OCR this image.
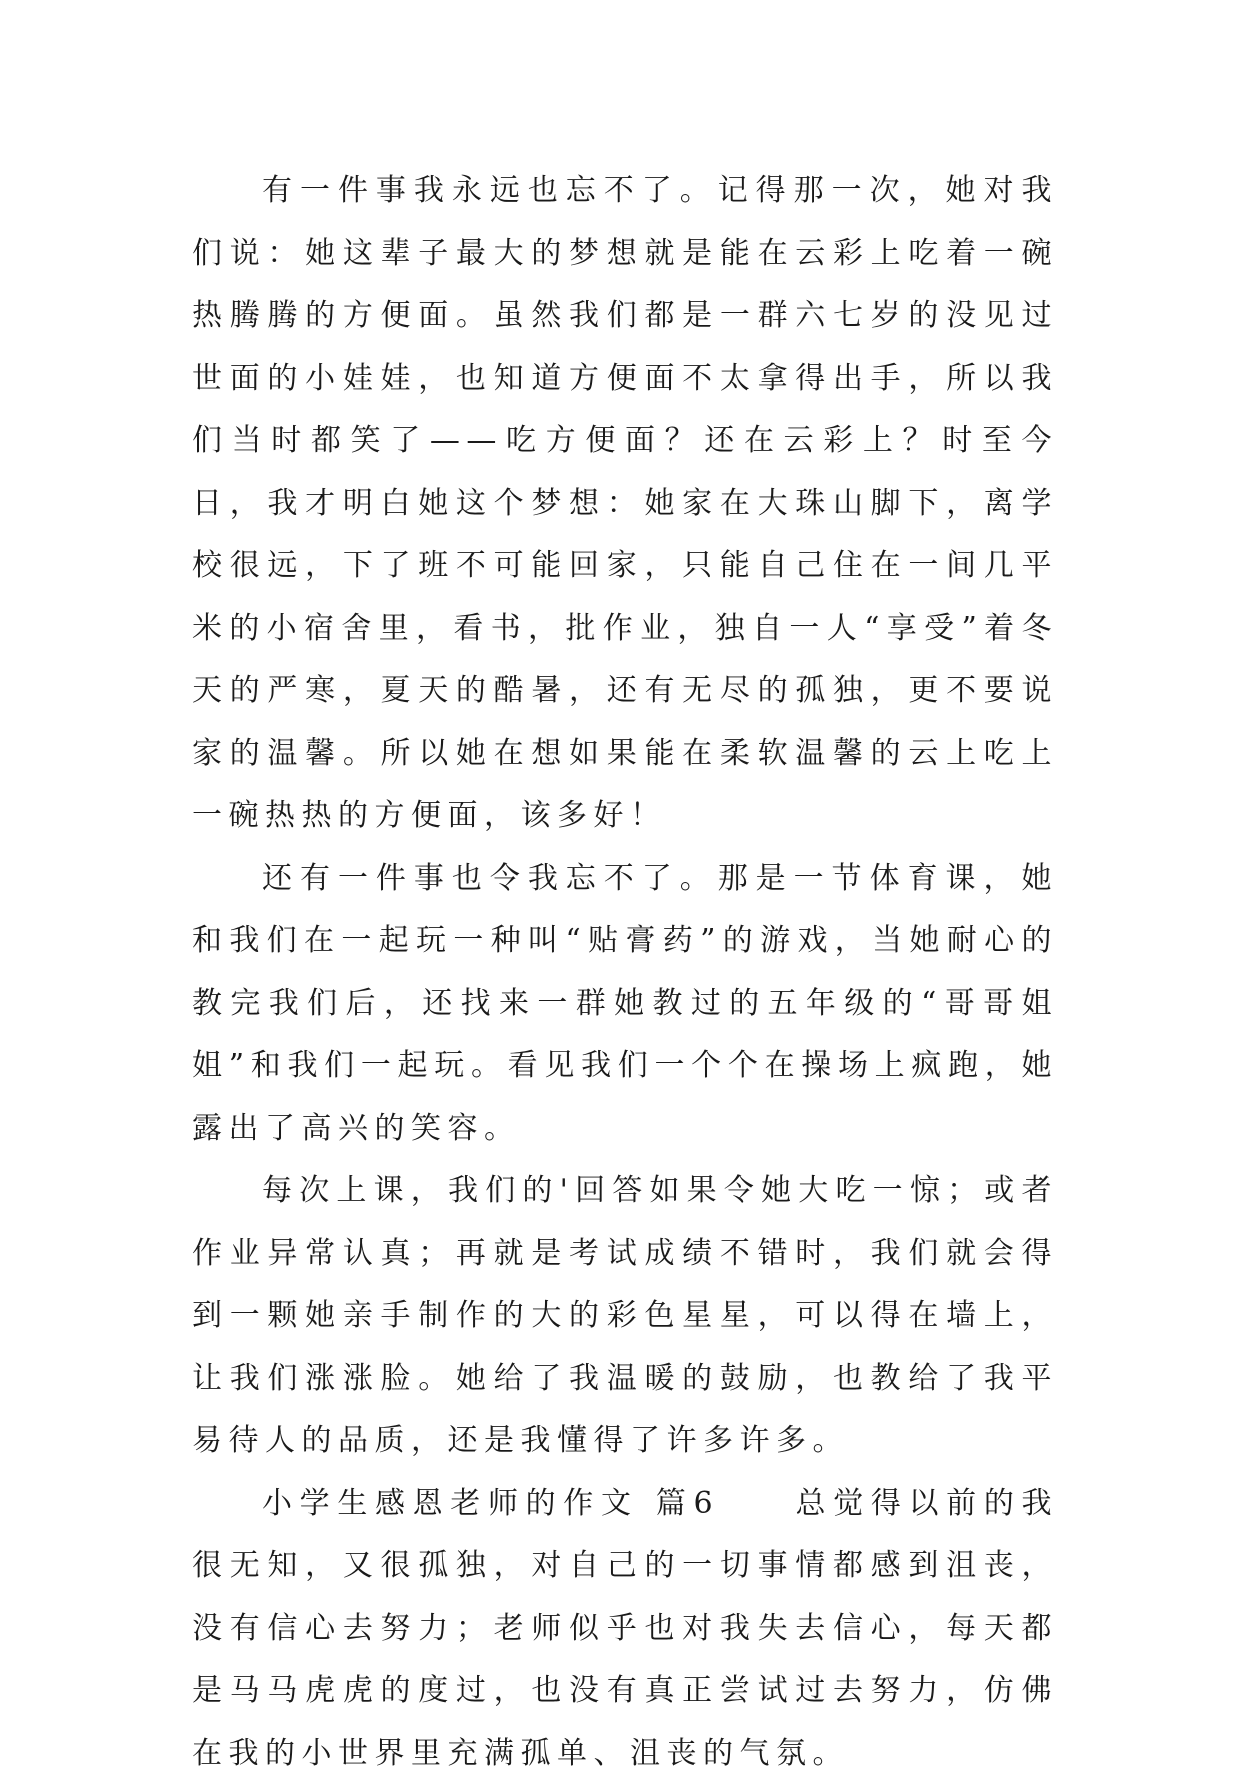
有一件事我永远也忘不了。记得那一次，她对我们说：她这辈子最大的梦想就是能在云彩上吃着一碗热腾腾的方便面。虽然我们都是一群六七岁的没见过世面的小娃娃，也知道方便面不太拿得出手，所以我们当时都笑了——吃方便面？还在云彩上？时至今日，我才明白她这个梦想：她家在大珠山脚下，离学校很远，下了班不可能回家，只能自己住在一间几平米的小宿舍里，看书，批作业，独自一人“享受”着冬天的严寒，夏天的酷暑，还有无尽的孤独，更不要说家的温馨。所以她在想如果能在柔软温馨的云上吃上一碗热热的方便面，该多好！

还有一件事也令我忘不了。那是一节体育课，她和我们在一起玩一种叫“贴膏药”的游戏，当她耐心的教完我们后，还找来一群她教过的五年级的“哥哥姐姐”和我们一起玩。看见我们一个个在操场上疯跑，她露出了高兴的笑容。

每次上课，我们的'回答如果令她大吃一惊；或者作业异常认真；再就是考试成绩不错时，我们就会得到一颗她亲手制作的大的彩色星星，可以得在墙上，让我们涨涨脸。她给了我温暖的鼓励，也教给了我平易待人的品质，还是我懂得了许多许多。

小学生感恩老师的作文 篇6　　总觉得以前的我很无知，又很孤独，对自己的一切事情都感到沮丧，没有信心去努力；老师似乎也对我失去信心，每天都是马马虎虎的度过，也没有真正尝试过去努力，仿佛在我的小世界里充满孤单、沮丧的气氛。
